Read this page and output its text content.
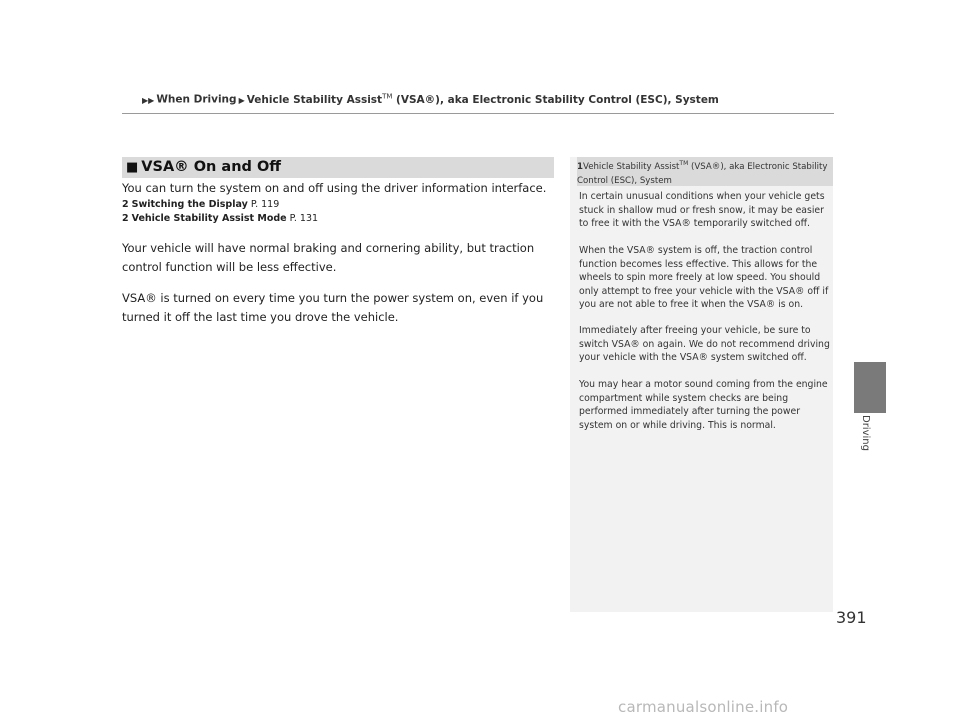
▶▶ When Driving ▶ Vehicle Stability Assist™ (VSA®), aka Electronic Stability Control (ESC), System
■ VSA® On and Off
You can turn the system on and off using the driver information interface.
2 Switching the Display P. 119
2 Vehicle Stability Assist Mode P. 131
Your vehicle will have normal braking and cornering ability, but traction control function will be less effective.
VSA® is turned on every time you turn the power system on, even if you turned it off the last time you drove the vehicle.
1Vehicle Stability Assist™ (VSA®), aka Electronic Stability Control (ESC), System
In certain unusual conditions when your vehicle gets stuck in shallow mud or fresh snow, it may be easier to free it with the VSA® temporarily switched off.
When the VSA® system is off, the traction control function becomes less effective. This allows for the wheels to spin more freely at low speed. You should only attempt to free your vehicle with the VSA® off if you are not able to free it when the VSA® is on.
Immediately after freeing your vehicle, be sure to switch VSA® on again. We do not recommend driving your vehicle with the VSA® system switched off.
You may hear a motor sound coming from the engine compartment while system checks are being performed immediately after turning the power system on or while driving. This is normal.	Driving
391
carmanualsonline.info
